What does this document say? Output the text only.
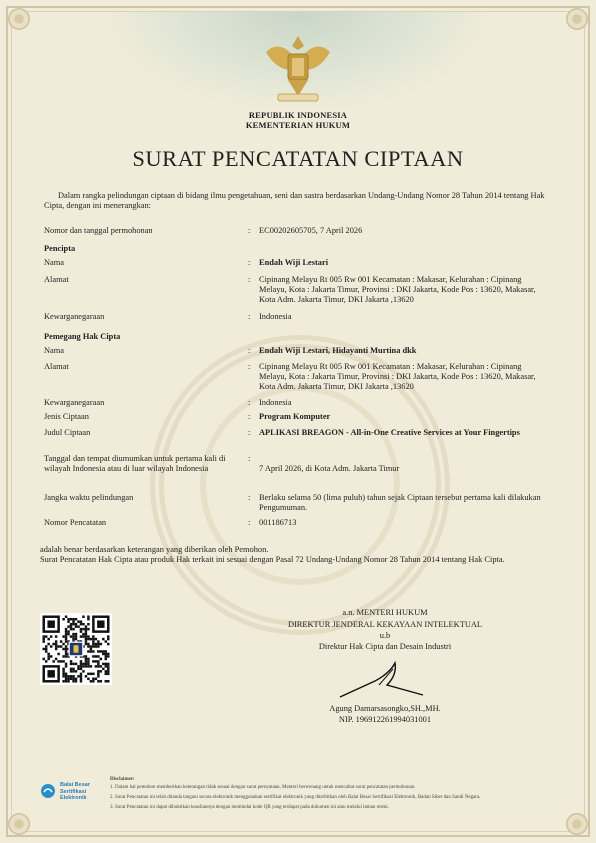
REPUBLIK INDONESIA
KEMENTERIAN HUKUM
SURAT PENCATATAN CIPTAAN
Dalam rangka pelindungan ciptaan di bidang ilmu pengetahuan, seni dan sastra berdasarkan Undang-Undang Nomor 28 Tahun 2014 tentang Hak Cipta, dengan ini menerangkan:
Nomor dan tanggal permohonan	: EC00202605705, 7 April 2026
Pencipta
Nama	: Endah Wiji Lestari
Alamat	: Cipinang Melayu Rt 005 Rw 001 Kecamatan : Makasar, Kelurahan : Cipinang Melayu, Kota : Jakarta Timur, Provinsi : DKI Jakarta, Kode Pos : 13620, Makasar, Kota Adm. Jakarta Timur, DKI Jakarta ,13620
Kewarganegaraan	: Indonesia
Pemegang Hak Cipta
Nama	: Endah Wiji Lestari, Hidayanti Murtina dkk
Alamat	: Cipinang Melayu Rt 005 Rw 001 Kecamatan : Makasar, Kelurahan : Cipinang Melayu, Kota : Jakarta Timur, Provinsi : DKI Jakarta, Kode Pos : 13620, Makasar, Kota Adm. Jakarta Timur, DKI Jakarta ,13620
Kewarganegaraan	: Indonesia
Jenis Ciptaan	: Program Komputer
Judul Ciptaan	: APLIKASI BREAGON - All-in-One Creative Services at Your Fingertips
Tanggal dan tempat diumumkan untuk pertama kali di wilayah Indonesia atau di luar wilayah Indonesia
:
7 April 2026, di Kota Adm. Jakarta Timur
Jangka waktu pelindungan	: Berlaku selama 50 (lima puluh) tahun sejak Ciptaan tersebut pertama kali dilakukan Pengumuman.
Nomor Pencatatan	: 001186713
adalah benar berdasarkan keterangan yang diberikan oleh Pemohon.
Surat Pencatatan Hak Cipta atau produk Hak terkait ini sesuai dengan Pasal 72 Undang-Undang Nomor 28 Tahun 2014 tentang Hak Cipta.
a.n. MENTERI HUKUM
DIREKTUR JENDERAL KEKAYAAN INTELEKTUAL
u.b
Direktur Hak Cipta dan Desain Industri
Agung Damarsasongko,SH.,MH.
NIP. 196912261994031001
Balai Besar
Sertifikasi
Elektronik
Disclaimer:
1. Dalam hal pemohon memberikan keterangan tidak sesuai dengan surat pernyataan, Menteri berwenang untuk mencabut surat pencatatan permohonan.
2. Surat Pencatatan ini telah ditanda tangani secara elektronik menggunakan sertifikat elektronik yang diterbitkan oleh Balai Besar Sertifikasi Elektronik, Badan Siber dan Sandi Negara.
3. Surat Pencatatan ini dapat dibuktikan keasliannya dengan memindai kode QR yang terdapat pada dokumen ini atau melalui laman resmi.
